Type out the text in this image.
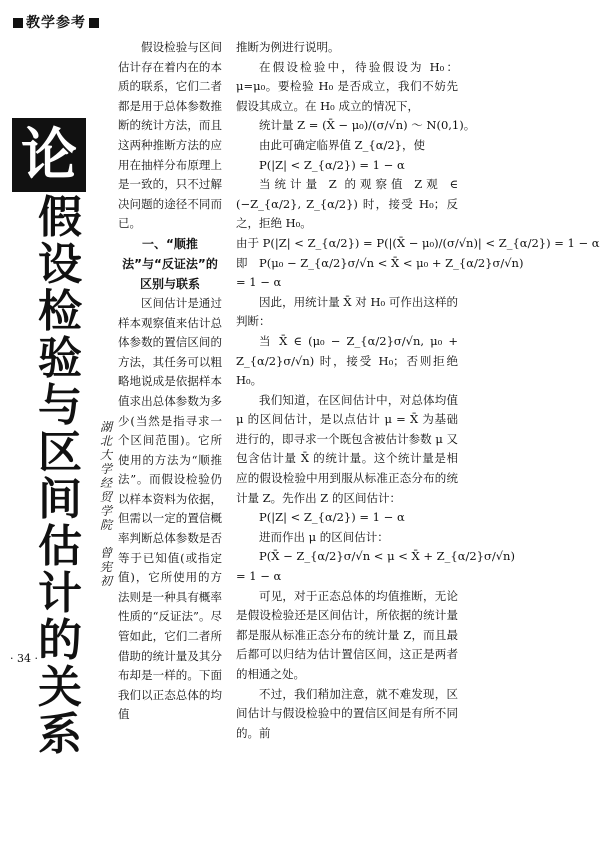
教学参考
论
假
设
检
验
与
区
间
估
计
的
关
系
湖
北
大
学
经
贸
学
院
曾
宪
初
· 34 ·

假设检验与区间估计存在着内在的本质的联系，它们二者都是用于总体参数推断的统计方法，而且这两种推断方法的应用在抽样分布原理上是一致的，只不过解决问题的途径不同而已。

一、“顺推法”与“反证法”的区别与联系

区间估计是通过样本观察值来估计总体参数的置信区间的方法，其任务可以粗略地说成是依据样本值求出总体参数为多少(当然是指寻求一个区间范围)。它所使用的方法为“顺推法”。而假设检验仍以样本资料为依据，但需以一定的置信概率判断总体参数是否等于已知值(或指定值)，它所使用的方法则是一种具有概率性质的“反证法”。尽管如此，它们二者所借助的统计量及其分布却是一样的。下面我们以正态总体的均值

推断为例进行说明。

在假设检验中，待验假设为 H₀：μ=μ₀。要检验 H₀ 是否成立，我们不妨先假设其成立。在 H₀ 成立的情况下，

统计量 Z = (X̄ − μ₀)/(σ/√n) ～ N(0,1)。

由此可确定临界值 Z_{α/2}，使

P(|Z| < Z_{α/2}) = 1 − α

当统计量 Z 的观察值 Z观 ∈ (−Z_{α/2}, Z_{α/2}) 时，接受 H₀；反之，拒绝 H₀。

由于 P(|Z| < Z_{α/2}) = P(|(X̄ − μ₀)/(σ/√n)| < Z_{α/2}) = 1 − α

即　P(μ₀ − Z_{α/2}σ/√n < X̄ < μ₀ + Z_{α/2}σ/√n)

= 1 − α

因此，用统计量 X̄ 对 H₀ 可作出这样的判断：

当 X̄ ∈ (μ₀ − Z_{α/2}σ/√n, μ₀ + Z_{α/2}σ/√n) 时，接受 H₀；否则拒绝 H₀。

我们知道，在区间估计中，对总体均值 μ 的区间估计，是以点估计 μ = X̄ 为基础进行的，即寻求一个既包含被估计参数 μ 又包含估计量 X̄ 的统计量。这个统计量是相应的假设检验中用到服从标准正态分布的统计量 Z。先作出 Z 的区间估计：

P(|Z| < Z_{α/2}) = 1 − α

进而作出 μ 的区间估计：

P(X̄ − Z_{α/2}σ/√n < μ < X̄ + Z_{α/2}σ/√n)

= 1 − α

可见，对于正态总体的均值推断，无论是假设检验还是区间估计，所依据的统计量都是服从标准正态分布的统计量 Z，而且最后都可以归结为估计置信区间，这正是两者的相通之处。

不过，我们稍加注意，就不难发现，区间估计与假设检验中的置信区间是有所不同的。前
